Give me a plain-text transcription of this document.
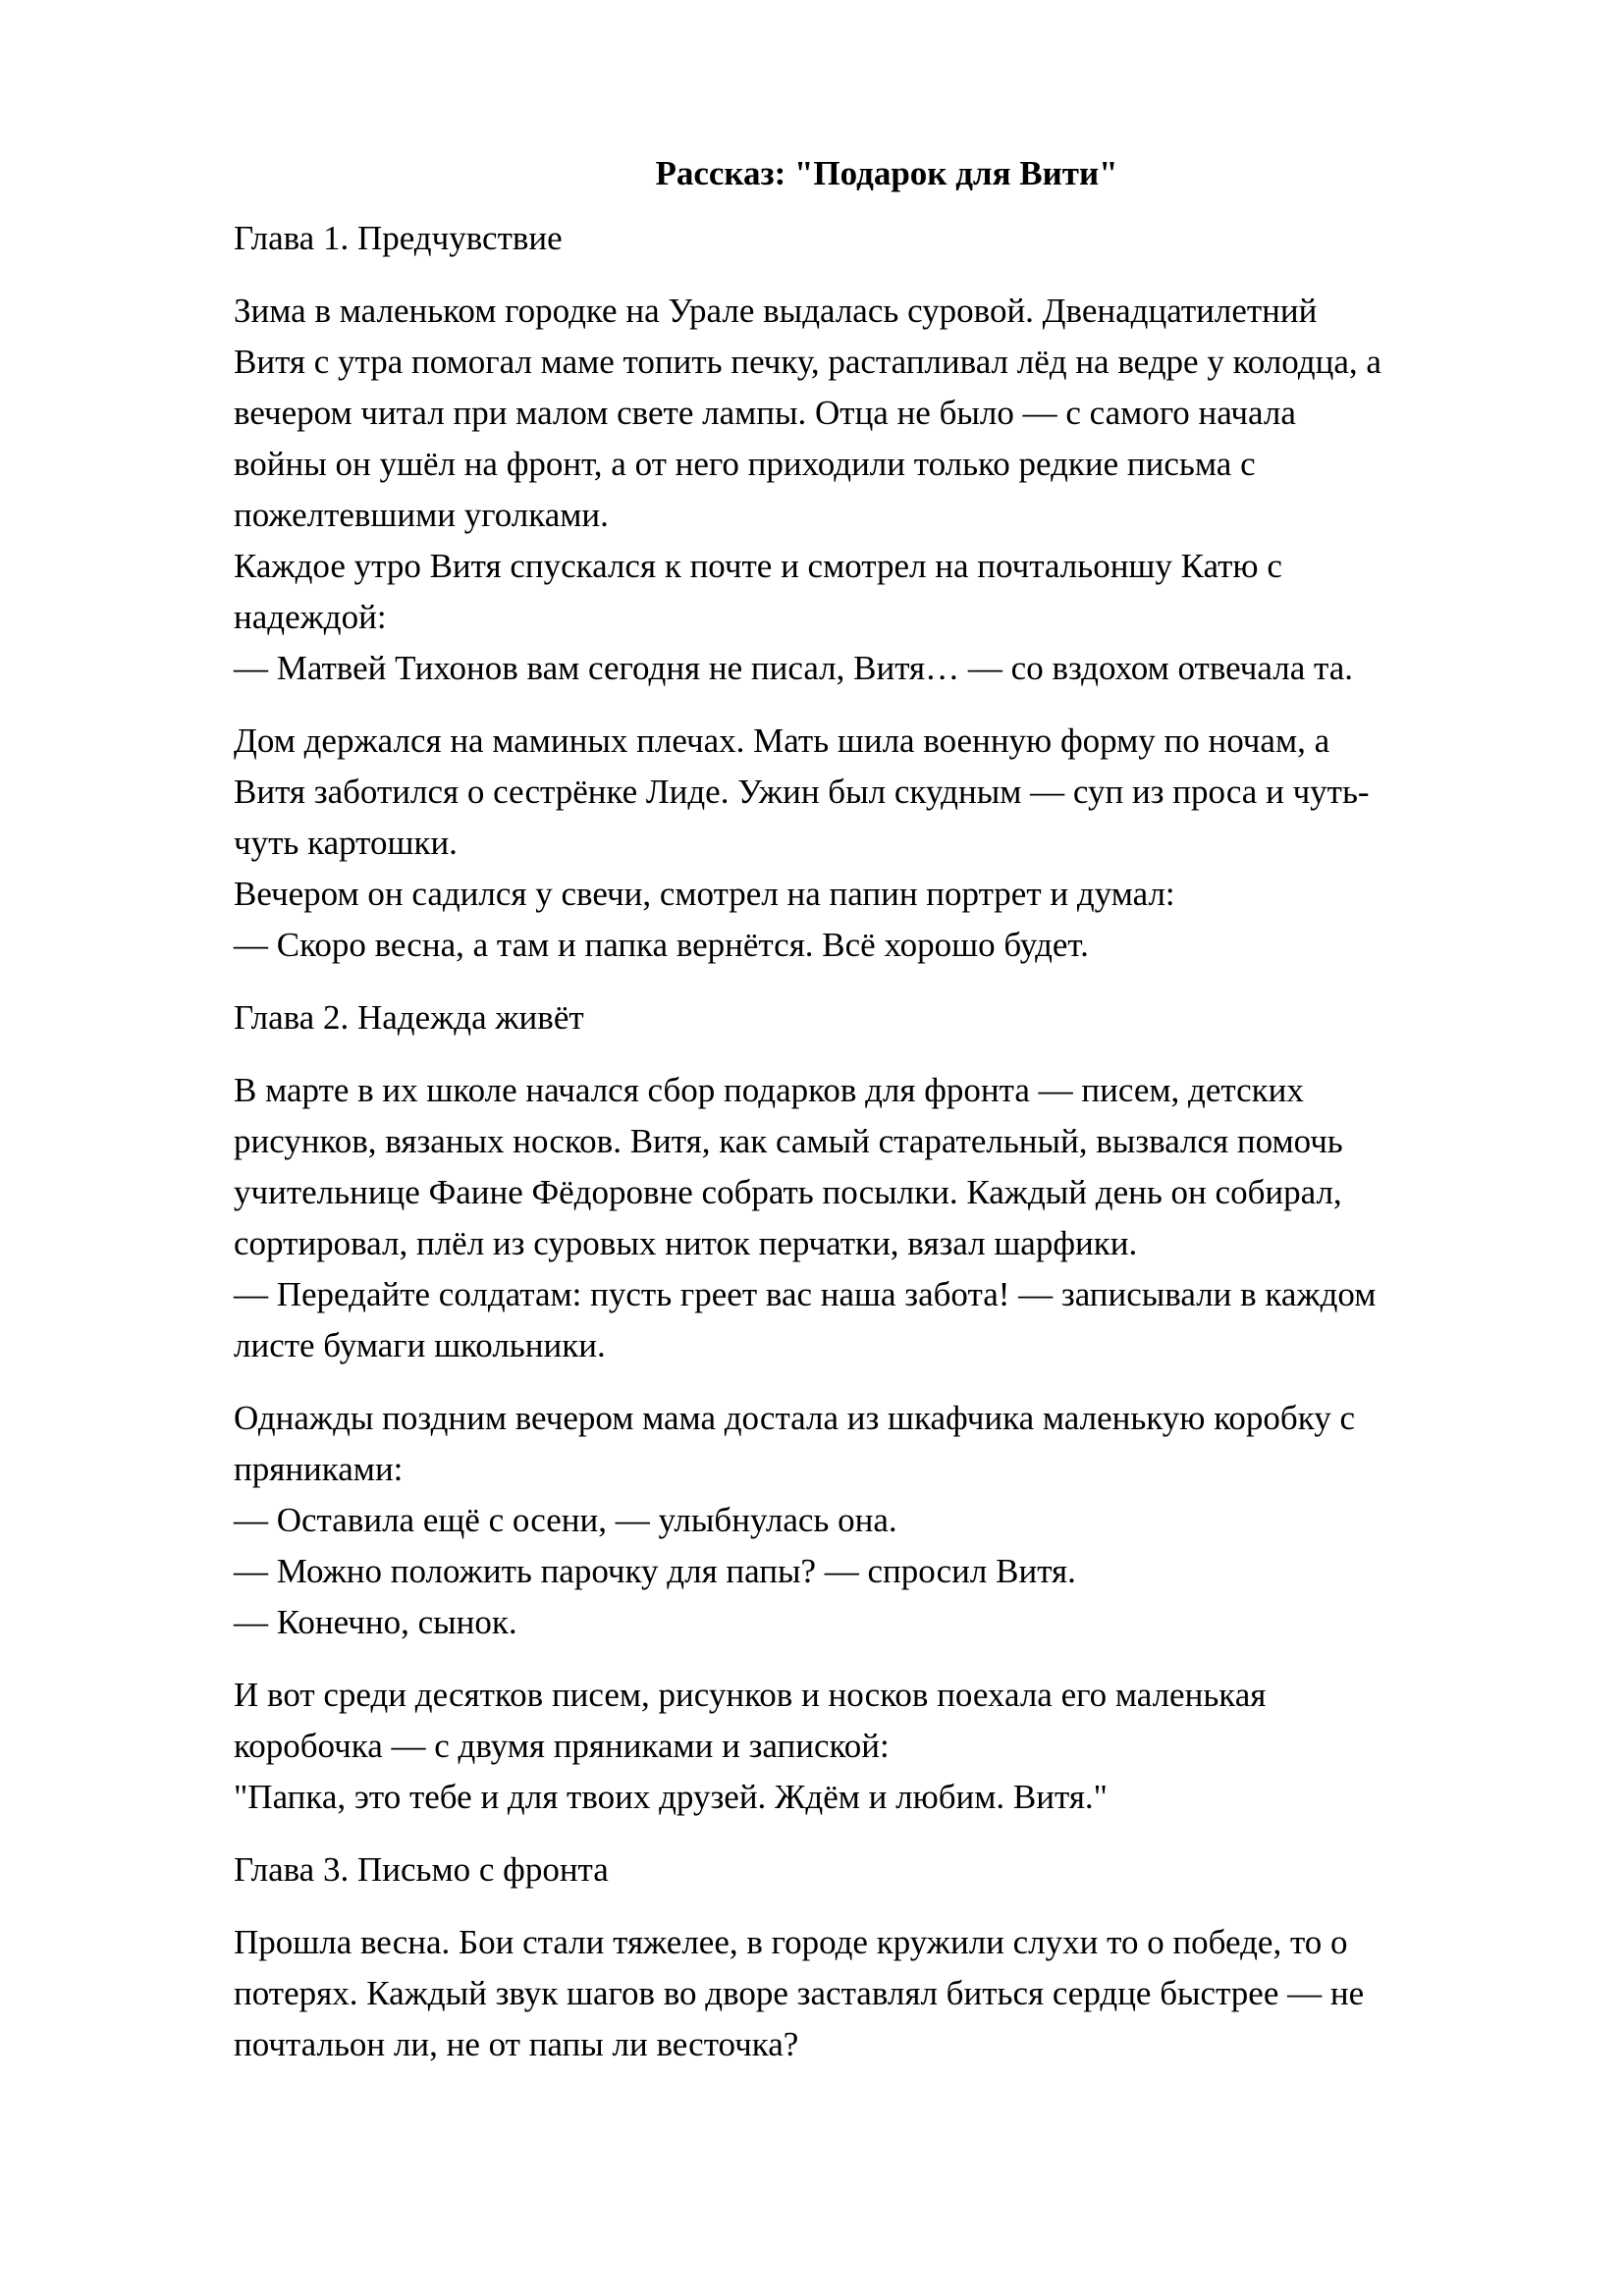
Рассказ: "Подарок для Вити"
Глава 1. Предчувствие
Зима в маленьком городке на Урале выдалась суровой. Двенадцатилетний
Витя с утра помогал маме топить печку, растапливал лёд на ведре у колодца, а
вечером читал при малом свете лампы. Отца не было — с самого начала
войны он ушёл на фронт, а от него приходили только редкие письма с
пожелтевшими уголками.
Каждое утро Витя спускался к почте и смотрел на почтальоншу Катю с
надеждой:
— Матвей Тихонов вам сегодня не писал, Витя… — со вздохом отвечала та.
Дом держался на маминых плечах. Мать шила военную форму по ночам, а
Витя заботился о сестрёнке Лиде. Ужин был скудным — суп из проса и чуть-
чуть картошки.
Вечером он садился у свечи, смотрел на папин портрет и думал:
— Скоро весна, а там и папка вернётся. Всё хорошо будет.
Глава 2. Надежда живёт
В марте в их школе начался сбор подарков для фронта — писем, детских
рисунков, вязаных носков. Витя, как самый старательный, вызвался помочь
учительнице Фаине Фёдоровне собрать посылки. Каждый день он собирал,
сортировал, плёл из суровых ниток перчатки, вязал шарфики.
— Передайте солдатам: пусть греет вас наша забота! — записывали в каждом
листе бумаги школьники.
Однажды поздним вечером мама достала из шкафчика маленькую коробку с
пряниками:
— Оставила ещё с осени, — улыбнулась она.
— Можно положить парочку для папы? — спросил Витя.
— Конечно, сынок.
И вот среди десятков писем, рисунков и носков поехала его маленькая
коробочка — с двумя пряниками и запиской:
"Папка, это тебе и для твоих друзей. Ждём и любим. Витя."
Глава 3. Письмо с фронта
Прошла весна. Бои стали тяжелее, в городе кружили слухи то о победе, то о
потерях. Каждый звук шагов во дворе заставлял биться сердце быстрее — не
почтальон ли, не от папы ли весточка?
